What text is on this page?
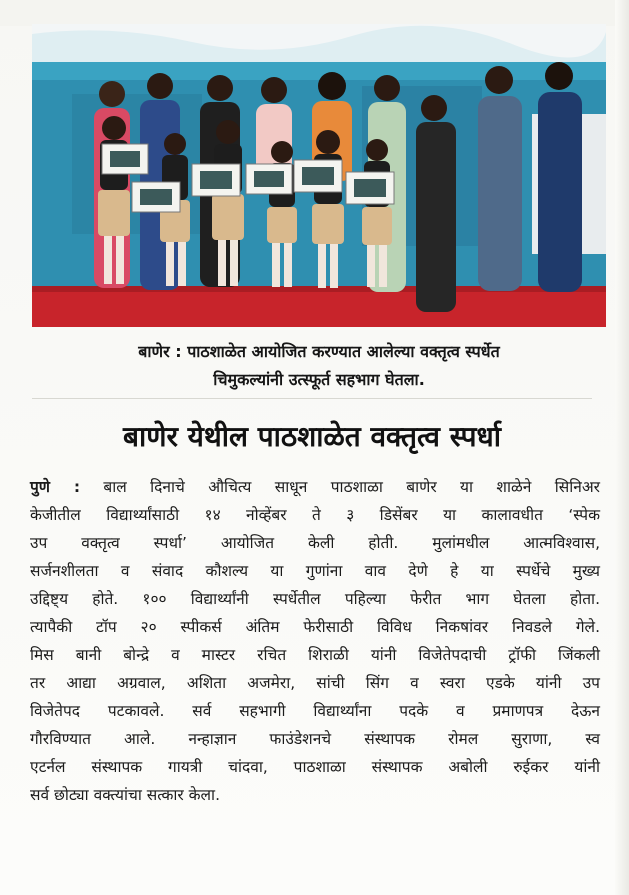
बाणेर : पाठशाळेत आयोजित करण्यात आलेल्या वक्तृत्व स्पर्धेत
चिमुकल्यांनी उत्स्फूर्त सहभाग घेतला.
बाणेर येथील पाठशाळेत वक्तृत्व स्पर्धा
पुणे : बाल दिनाचे औचित्य साधून पाठशाळा बाणेर या शाळेने सिनिअर
केजीतील विद्यार्थ्यांसाठी १४ नोव्हेंबर ते ३ डिसेंबर या कालावधीत ‘स्पेक
उप वक्तृत्व स्पर्धा’ आयोजित केली होती. मुलांमधील आत्मविश्वास,
सर्जनशीलता व संवाद कौशल्य या गुणांना वाव देणे हे या स्पर्धेचे मुख्य
उद्दिष्ट्य होते. १०० विद्यार्थ्यांनी स्पर्धेतील पहिल्या फेरीत भाग घेतला होता.
त्यापैकी टॉप २० स्पीकर्स अंतिम फेरीसाठी विविध निकषांवर निवडले गेले.
मिस बानी बोन्द्रे व मास्टर रचित शिराळी यांनी विजेतेपदाची ट्रॉफी जिंकली
तर आद्या अग्रवाल, अशिता अजमेरा, सांची सिंग व स्वरा एडके यांनी उप
विजेतेपद पटकावले. सर्व सहभागी विद्यार्थ्यांना पदके व प्रमाणपत्र देऊन
गौरविण्यात आले. नन्हाज्ञान फाउंडेशनचे संस्थापक रोमल सुराणा, स्व
एटर्नल संस्थापक गायत्री चांदवा, पाठशाळा संस्थापक अबोली रुईकर यांनी
सर्व छोट्या वक्त्यांचा सत्कार केला.
